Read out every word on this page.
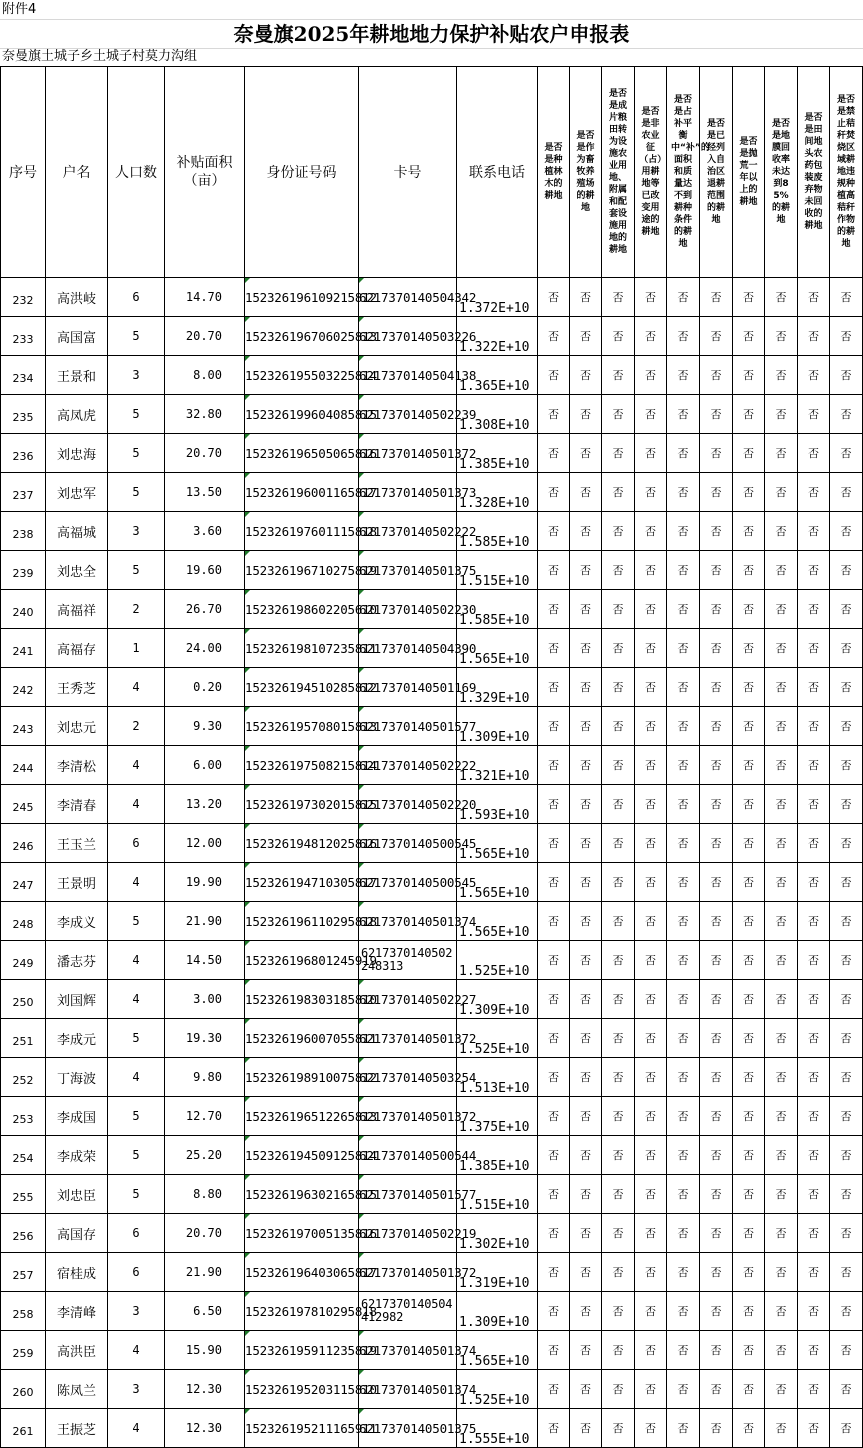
附件4
奈曼旗2025年耕地地力保护补贴农户申报表
奈曼旗土城子乡土城子村莫力沟组
序号	户名	人口数	补贴面积（亩）	身份证号码	卡号	联系电话	是否是种植林木的耕地	是否是作为畜牧养殖场的耕地	是否是成片粮田转为设施农业用地、附属和配套设施用地的耕地	是否是非农业征（占）用耕地等已改变用途的耕地	是否是占补平衡中“补”的面积和质量达不到耕种条件的耕地	是否是已经列入自治区退耕范围的耕地	是否是抛荒一年以上的耕地	是否是地膜回收率未达到85%的耕地	是否是田间地头农药包装废弃物未回收的耕地	是否是禁止秸秆焚烧区域耕地违规种植高秸秆作物的耕地
232	高洪岐	6	14.70	152326196109215812	6217370140504342	1.372E+10	否	否	否	否	否	否	否	否	否	否
233	高国富	5	20.70	152326196706025813	6217370140503226	1.322E+10	否	否	否	否	否	否	否	否	否	否
234	王景和	3	8.00	152326195503225814	6217370140504138	1.365E+10	否	否	否	否	否	否	否	否	否	否
235	高凤虎	5	32.80	152326199604085815	6217370140502239	1.308E+10	否	否	否	否	否	否	否	否	否	否
236	刘忠海	5	20.70	152326196505065816	6217370140501372	1.385E+10	否	否	否	否	否	否	否	否	否	否
237	刘忠军	5	13.50	152326196001165817	6217370140501373	1.328E+10	否	否	否	否	否	否	否	否	否	否
238	高福城	3	3.60	152326197601115818	6217370140502222	1.585E+10	否	否	否	否	否	否	否	否	否	否
239	刘忠全	5	19.60	152326196710275819	6217370140501375	1.515E+10	否	否	否	否	否	否	否	否	否	否
240	高福祥	2	26.70	152326198602205610	6217370140502230	1.585E+10	否	否	否	否	否	否	否	否	否	否
241	高福存	1	24.00	152326198107235811	6217370140504390	1.565E+10	否	否	否	否	否	否	否	否	否	否
242	王秀芝	4	0.20	152326194510285812	6217370140501169	1.329E+10	否	否	否	否	否	否	否	否	否	否
243	刘忠元	2	9.30	152326195708015813	6217370140501577	1.309E+10	否	否	否	否	否	否	否	否	否	否
244	李清松	4	6.00	152326197508215814	6217370140502222	1.321E+10	否	否	否	否	否	否	否	否	否	否
245	李清春	4	13.20	152326197302015815	6217370140502220	1.593E+10	否	否	否	否	否	否	否	否	否	否
246	王玉兰	6	12.00	152326194812025816	6217370140500545	1.565E+10	否	否	否	否	否	否	否	否	否	否
247	王景明	4	19.90	152326194710305817	6217370140500545	1.565E+10	否	否	否	否	否	否	否	否	否	否
248	李成义	5	21.90	152326196110295818	6217370140501374	1.565E+10	否	否	否	否	否	否	否	否	否	否
249	潘志芬	4	14.50	152326196801245919	6217370140502248313	1.525E+10	否	否	否	否	否	否	否	否	否	否
250	刘国辉	4	3.00	152326198303185810	6217370140502227	1.309E+10	否	否	否	否	否	否	否	否	否	否
251	李成元	5	19.30	152326196007055811	6217370140501372	1.525E+10	否	否	否	否	否	否	否	否	否	否
252	丁海波	4	9.80	152326198910075812	6217370140503254	1.513E+10	否	否	否	否	否	否	否	否	否	否
253	李成国	5	12.70	152326196512265813	6217370140501372	1.375E+10	否	否	否	否	否	否	否	否	否	否
254	李成荣	5	25.20	152326194509125814	6217370140500544	1.385E+10	否	否	否	否	否	否	否	否	否	否
255	刘忠臣	5	8.80	152326196302165815	6217370140501577	1.515E+10	否	否	否	否	否	否	否	否	否	否
256	高国存	6	20.70	152326197005135816	6217370140502219	1.302E+10	否	否	否	否	否	否	否	否	否	否
257	宿桂成	6	21.90	152326196403065817	6217370140501372	1.319E+10	否	否	否	否	否	否	否	否	否	否
258	李清峰	3	6.50	152326197810295818	6217370140504412982	1.309E+10	否	否	否	否	否	否	否	否	否	否
259	高洪臣	4	15.90	152326195911235819	6217370140501374	1.565E+10	否	否	否	否	否	否	否	否	否	否
260	陈凤兰	3	12.30	152326195203115810	6217370140501374	1.525E+10	否	否	否	否	否	否	否	否	否	否
261	王振芝	4	12.30	152326195211165911	6217370140501375	1.555E+10	否	否	否	否	否	否	否	否	否	否
